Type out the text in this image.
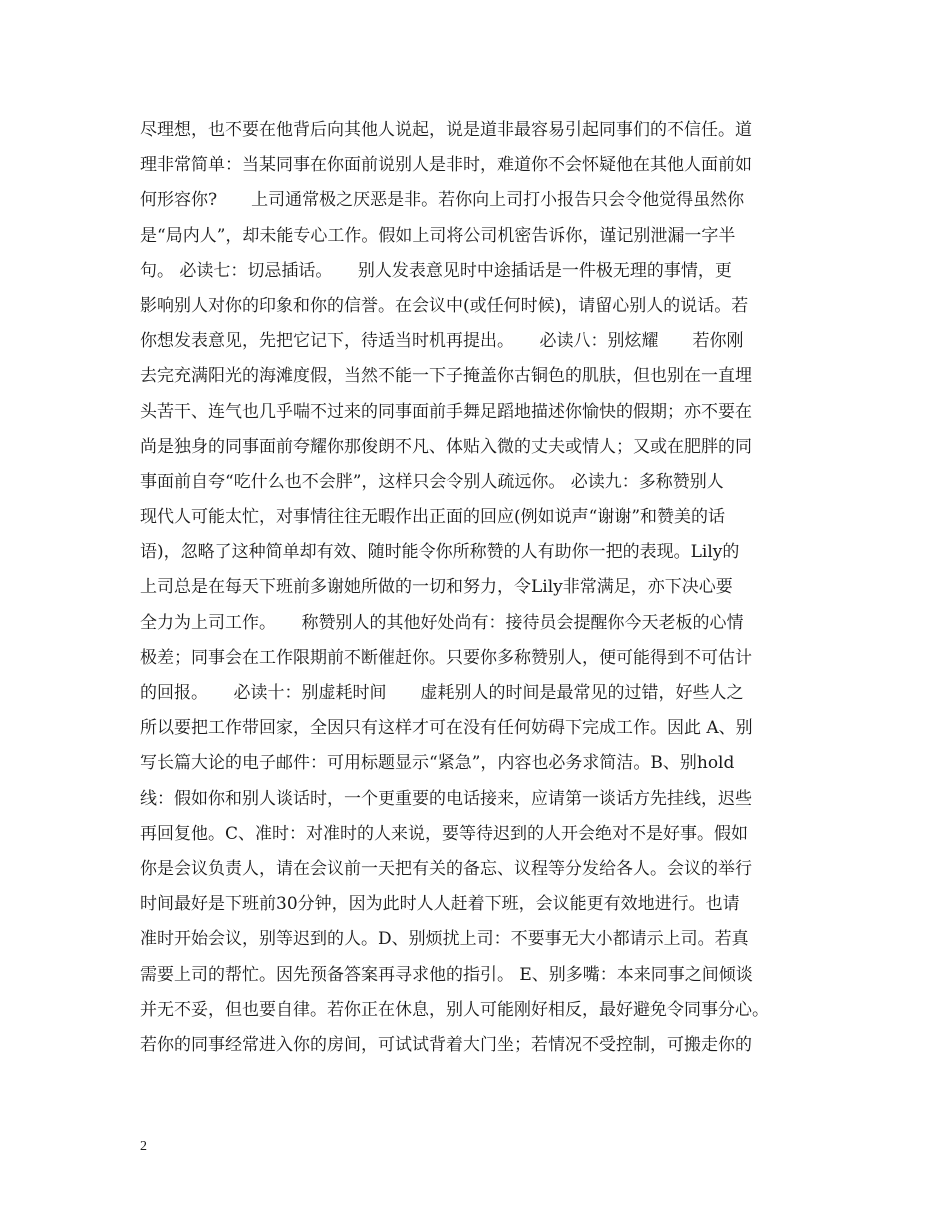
尽理想，也不要在他背后向其他人说起，说是道非最容易引起同事们的不信任。道
理非常简单：当某同事在你面前说别人是非时，难道你不会怀疑他在其他人面前如
何形容你?　　上司通常极之厌恶是非。若你向上司打小报告只会令他觉得虽然你
是“局内人”，却未能专心工作。假如上司将公司机密告诉你，谨记别泄漏一字半
句。 必读七：切忌插话。　　别人发表意见时中途插话是一件极无理的事情，更
影响别人对你的印象和你的信誉。在会议中(或任何时候)，请留心别人的说话。若
你想发表意见，先把它记下，待适当时机再提出。　　必读八：别炫耀　　若你刚
去完充满阳光的海滩度假，当然不能一下子掩盖你古铜色的肌肤，但也别在一直埋
头苦干、连气也几乎喘不过来的同事面前手舞足蹈地描述你愉快的假期；亦不要在
尚是独身的同事面前夸耀你那俊朗不凡、体贴入微的丈夫或情人；又或在肥胖的同
事面前自夸“吃什么也不会胖”，这样只会令别人疏远你。 必读九：多称赞别人
现代人可能太忙，对事情往往无暇作出正面的回应(例如说声“谢谢”和赞美的话
语)，忽略了这种简单却有效、随时能令你所称赞的人有助你一把的表现。Lily的
上司总是在每天下班前多谢她所做的一切和努力，令Lily非常满足，亦下决心要
全力为上司工作。　　称赞别人的其他好处尚有：接待员会提醒你今天老板的心情
极差；同事会在工作限期前不断催赶你。只要你多称赞别人，便可能得到不可估计
的回报。　　必读十：别虚耗时间　　虚耗别人的时间是最常见的过错，好些人之
所以要把工作带回家，全因只有这样才可在没有任何妨碍下完成工作。因此 A、别
写长篇大论的电子邮件：可用标题显示“紧急”，内容也必务求简洁。B、别hold
线：假如你和别人谈话时，一个更重要的电话接来，应请第一谈话方先挂线，迟些
再回复他。C、准时：对准时的人来说，要等待迟到的人开会绝对不是好事。假如
你是会议负责人，请在会议前一天把有关的备忘、议程等分发给各人。会议的举行
时间最好是下班前30分钟，因为此时人人赶着下班，会议能更有效地进行。也请
准时开始会议，别等迟到的人。D、别烦扰上司：不要事无大小都请示上司。若真
需要上司的帮忙。因先预备答案再寻求他的指引。 E、别多嘴：本来同事之间倾谈
并无不妥，但也要自律。若你正在休息，别人可能刚好相反，最好避免令同事分心。
若你的同事经常进入你的房间，可试试背着大门坐；若情况不受控制，可搬走你的
2
